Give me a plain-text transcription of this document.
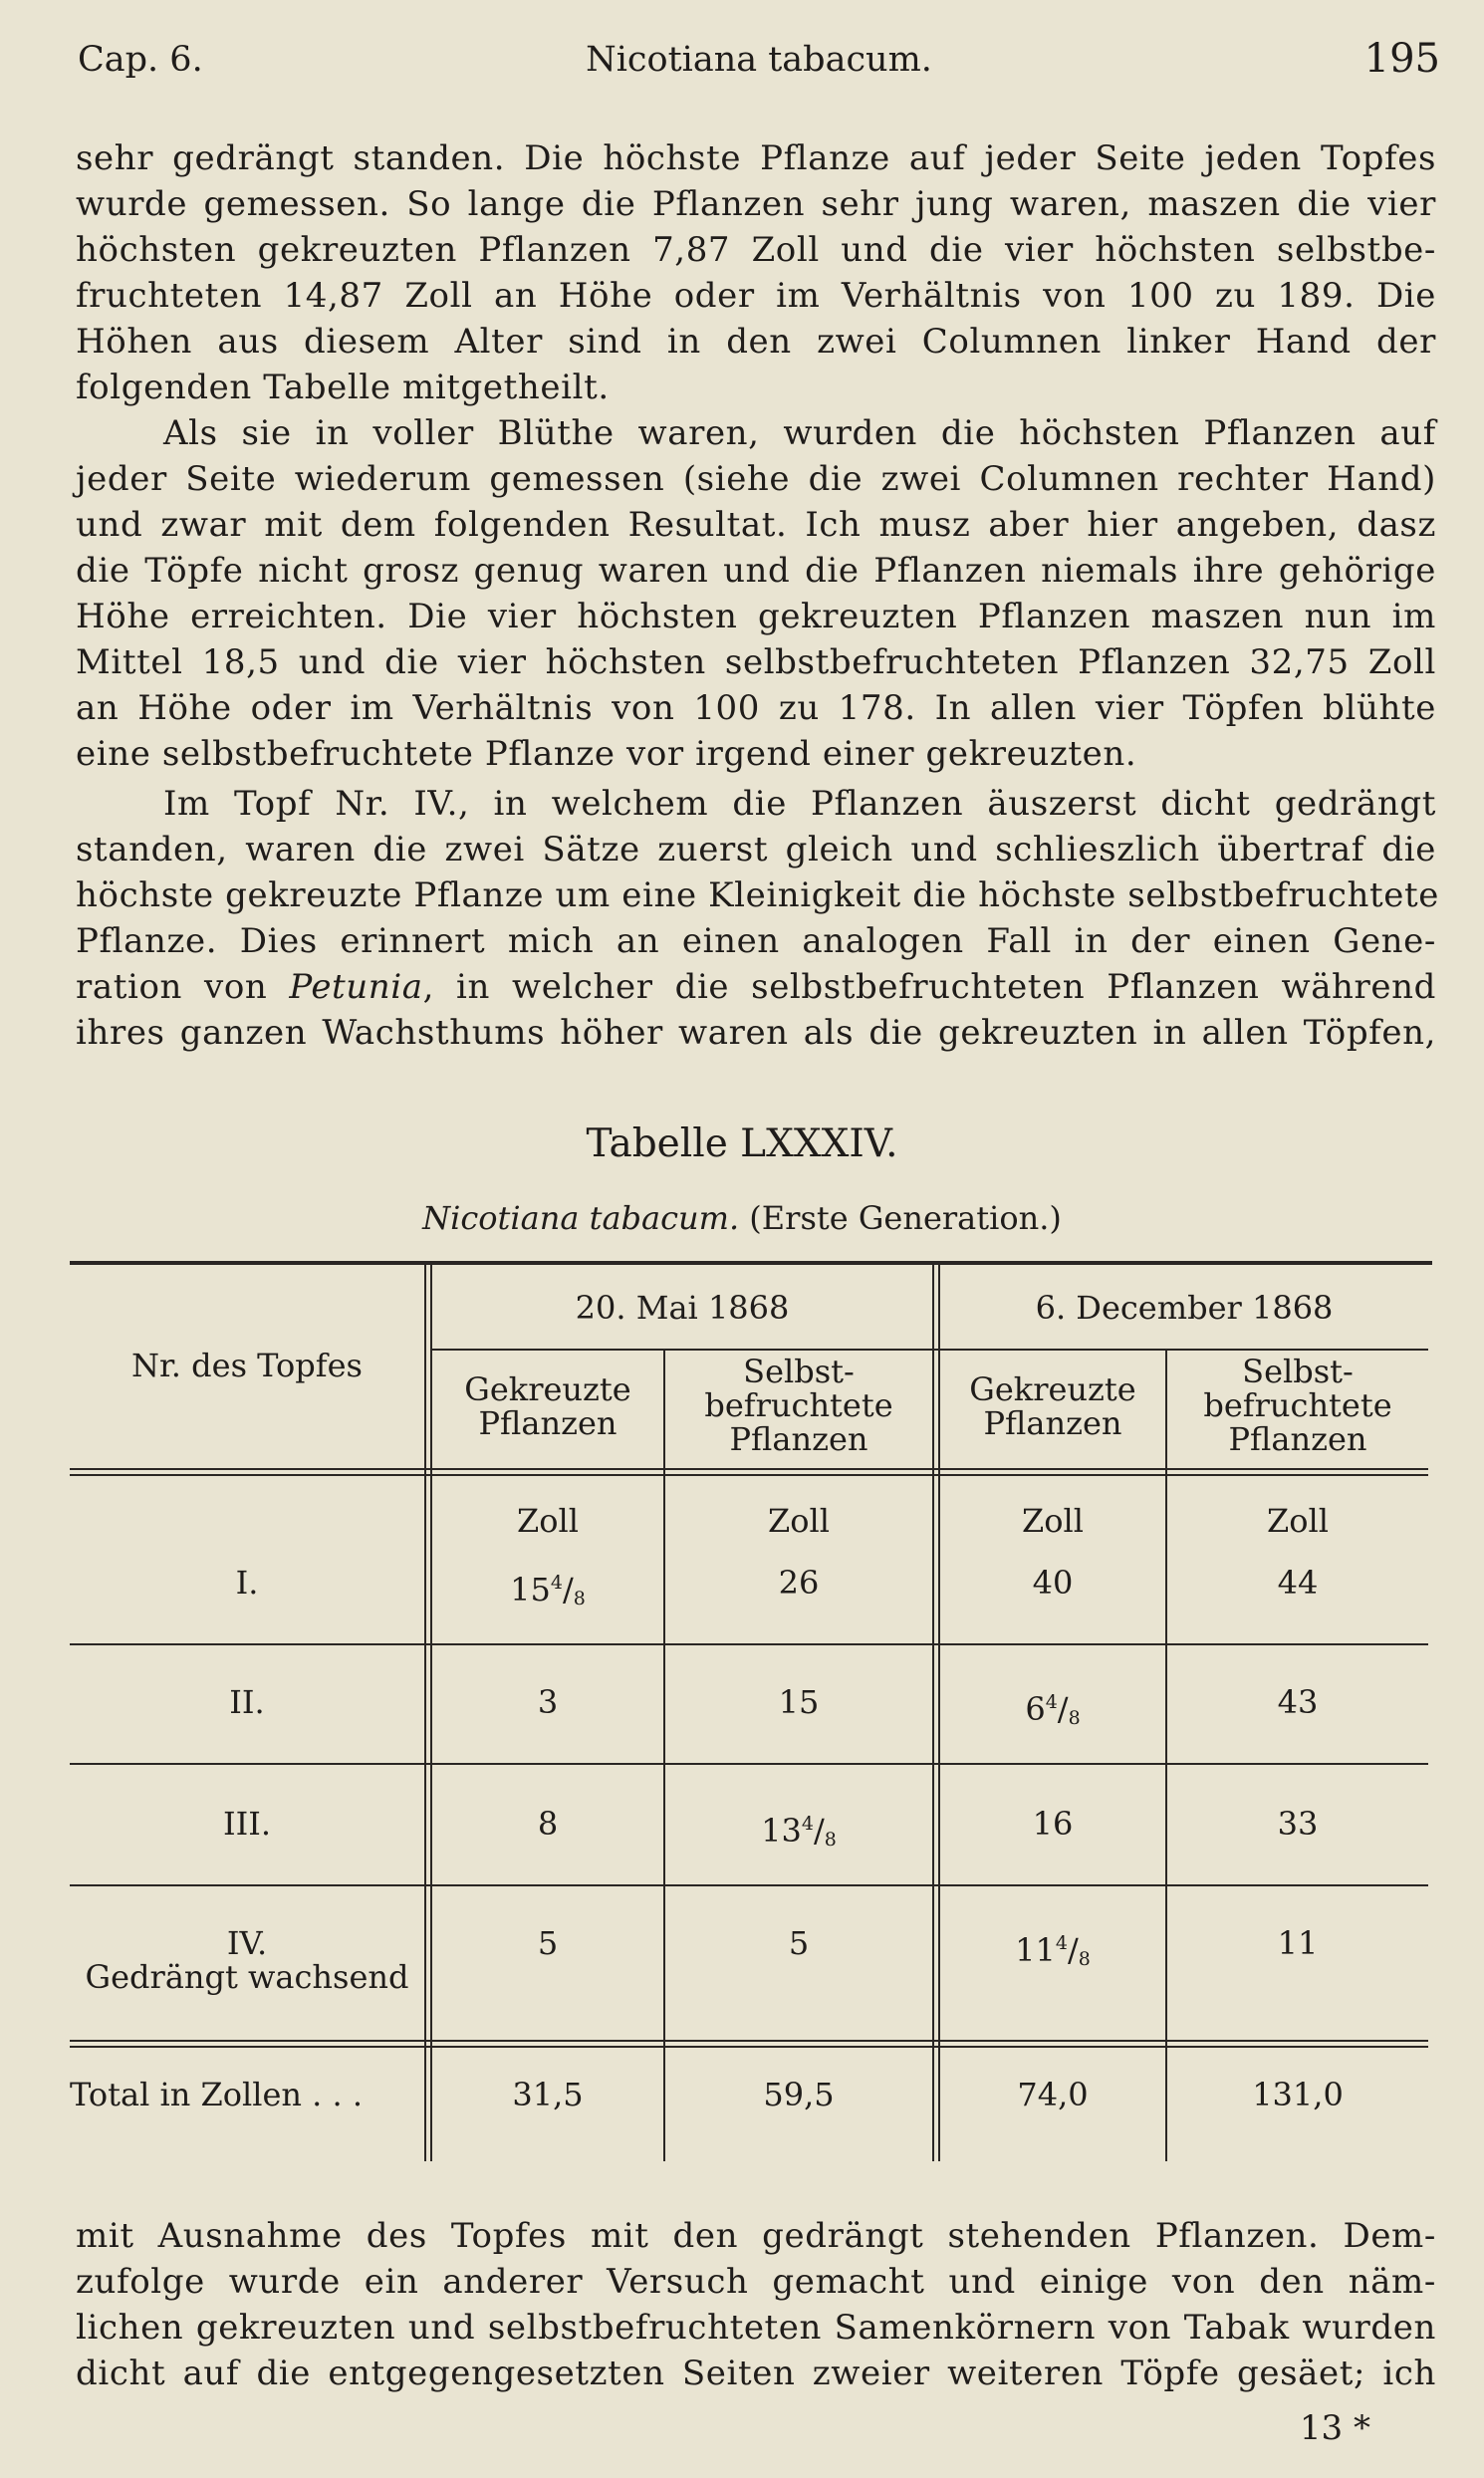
Cap. 6.	Nicotiana tabacum.	195
sehr gedrängt standen. Die höchste Pflanze auf jeder Seite jeden Topfes
wurde gemessen. So lange die Pflanzen sehr jung waren, maszen die vier
höchsten gekreuzten Pflanzen 7,87 Zoll und die vier höchsten selbstbe-
fruchteten 14,87 Zoll an Höhe oder im Verhältnis von 100 zu 189. Die
Höhen aus diesem Alter sind in den zwei Columnen linker Hand der
folgenden Tabelle mitgetheilt.
Als sie in voller Blüthe waren, wurden die höchsten Pflanzen auf
jeder Seite wiederum gemessen (siehe die zwei Columnen rechter Hand)
und zwar mit dem folgenden Resultat. Ich musz aber hier angeben, dasz
die Töpfe nicht grosz genug waren und die Pflanzen niemals ihre gehörige
Höhe erreichten. Die vier höchsten gekreuzten Pflanzen maszen nun im
Mittel 18,5 und die vier höchsten selbstbefruchteten Pflanzen 32,75 Zoll
an Höhe oder im Verhältnis von 100 zu 178. In allen vier Töpfen blühte
eine selbstbefruchtete Pflanze vor irgend einer gekreuzten.
Im Topf Nr. IV., in welchem die Pflanzen äuszerst dicht gedrängt
standen, waren die zwei Sätze zuerst gleich und schlieszlich übertraf die
höchste gekreuzte Pflanze um eine Kleinigkeit die höchste selbstbefruchtete
Pflanze. Dies erinnert mich an einen analogen Fall in der einen Gene-
ration von Petunia, in welcher die selbstbefruchteten Pflanzen während
ihres ganzen Wachsthums höher waren als die gekreuzten in allen Töpfen,
Tabelle LXXXIV.
Nicotiana tabacum. (Erste Generation.)
Nr. des Topfes
20. Mai 1868	6. December 1868
Gekreuzte
Pflanzen
Selbst-
befruchtete
Pflanzen
Gekreuzte
Pflanzen
Selbst-
befruchtete
Pflanzen
Zoll	Zoll	Zoll	Zoll
I.	$15^4/_8$	26	40	44
II.	3	15	$6^4/_8$	43
III.	8	$13^4/_8$	16	33
IV.
Gedrängt wachsend
5	5	$11^4/_8$	11
Total in Zollen . . .	31,5	59,5	74,0	131,0
mit Ausnahme des Topfes mit den gedrängt stehenden Pflanzen. Dem-
zufolge wurde ein anderer Versuch gemacht und einige von den näm-
lichen gekreuzten und selbstbefruchteten Samenkörnern von Tabak wurden
dicht auf die entgegengesetzten Seiten zweier weiteren Töpfe gesäet; ich
13 *
